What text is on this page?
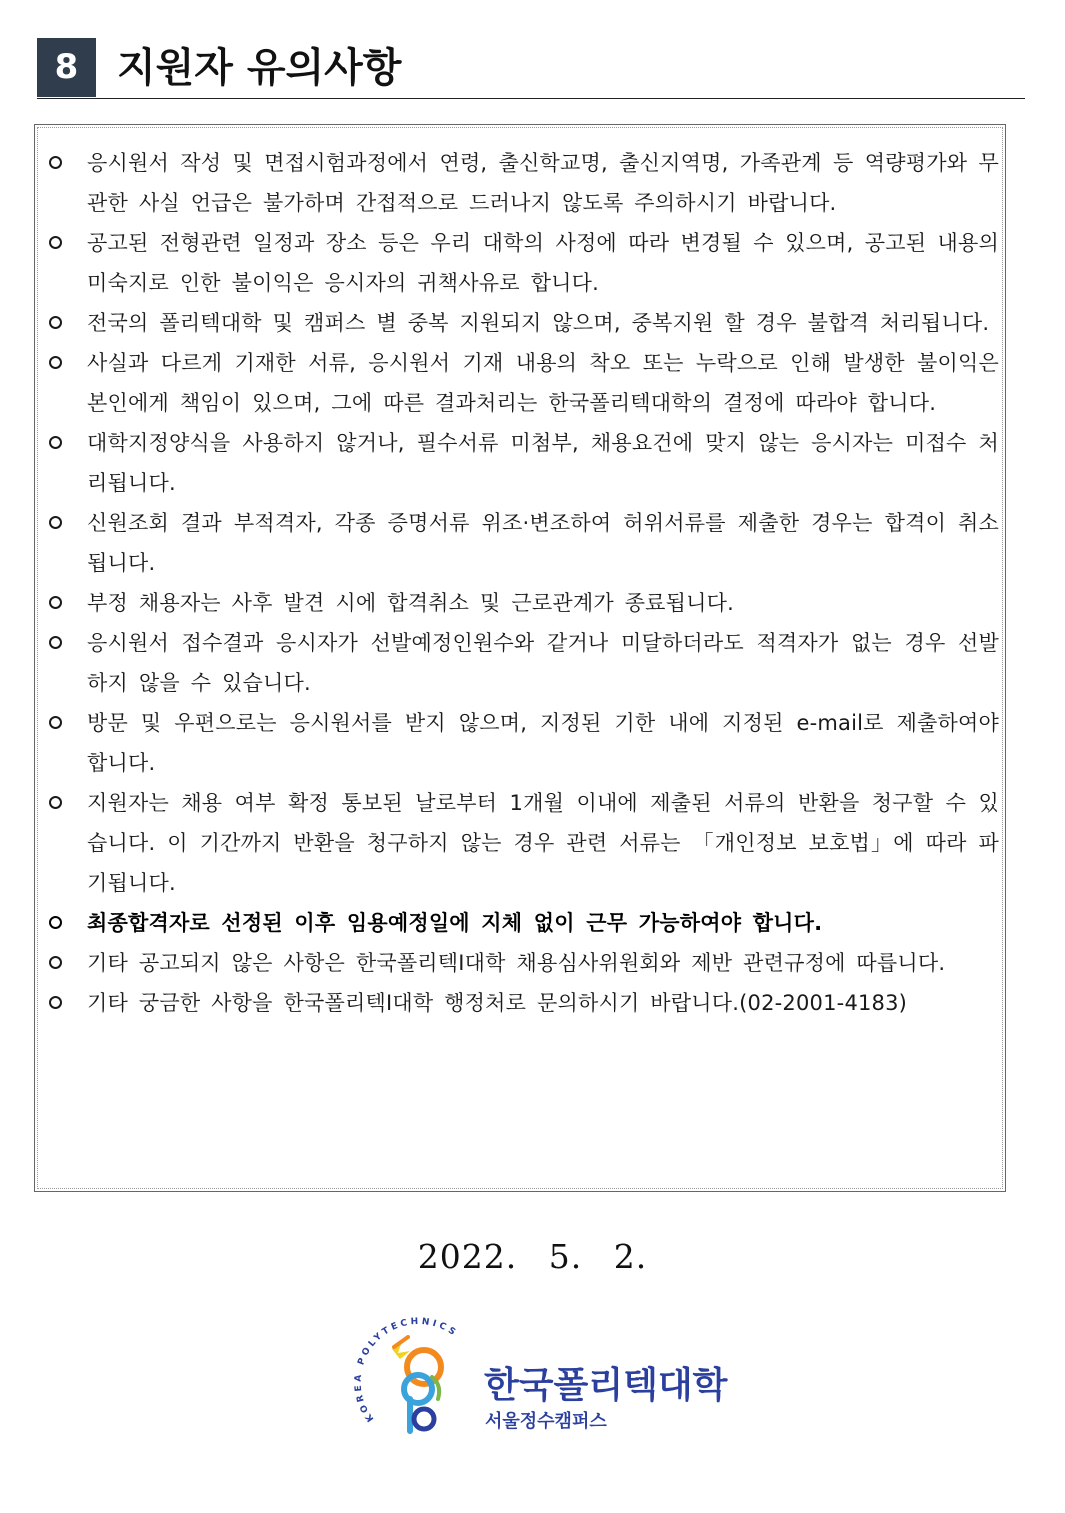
8 지원자 유의사항
응시원서 작성 및 면접시험과정에서 연령, 출신학교명, 출신지역명, 가족관계 등 역량평가와 무관한 사실 언급은 불가하며 간접적으로 드러나지 않도록 주의하시기 바랍니다.
공고된 전형관련 일정과 장소 등은 우리 대학의 사정에 따라 변경될 수 있으며, 공고된 내용의 미숙지로 인한 불이익은 응시자의 귀책사유로 합니다.
전국의 폴리텍대학 및 캠퍼스 별 중복 지원되지 않으며, 중복지원 할 경우 불합격 처리됩니다.
사실과 다르게 기재한 서류, 응시원서 기재 내용의 착오 또는 누락으로 인해 발생한 불이익은 본인에게 책임이 있으며, 그에 따른 결과처리는 한국폴리텍대학의 결정에 따라야 합니다.
대학지정양식을 사용하지 않거나, 필수서류 미첨부, 채용요건에 맞지 않는 응시자는 미접수 처리됩니다.
신원조회 결과 부적격자, 각종 증명서류 위조·변조하여 허위서류를 제출한 경우는 합격이 취소됩니다.
부정 채용자는 사후 발견 시에 합격취소 및 근로관계가 종료됩니다.
응시원서 접수결과 응시자가 선발예정인원수와 같거나 미달하더라도 적격자가 없는 경우 선발하지 않을 수 있습니다.
방문 및 우편으로는 응시원서를 받지 않으며, 지정된 기한 내에 지정된 e-mail로 제출하여야 합니다.
지원자는 채용 여부 확정 통보된 날로부터 1개월 이내에 제출된 서류의 반환을 청구할 수 있습니다. 이 기간까지 반환을 청구하지 않는 경우 관련 서류는 「개인정보 보호법」에 따라 파기됩니다.
최종합격자로 선정된 이후 임용예정일에 지체 없이 근무 가능하여야 합니다.
기타 공고되지 않은 사항은 한국폴리텍I대학 채용심사위원회와 제반 관련규정에 따릅니다.
기타 궁금한 사항을 한국폴리텍I대학 행정처로 문의하시기 바랍니다.(02-2001-4183)
2022. 5. 2.
KOREA POLYTECHNICS
한국폴리텍대학
서울정수캠퍼스
